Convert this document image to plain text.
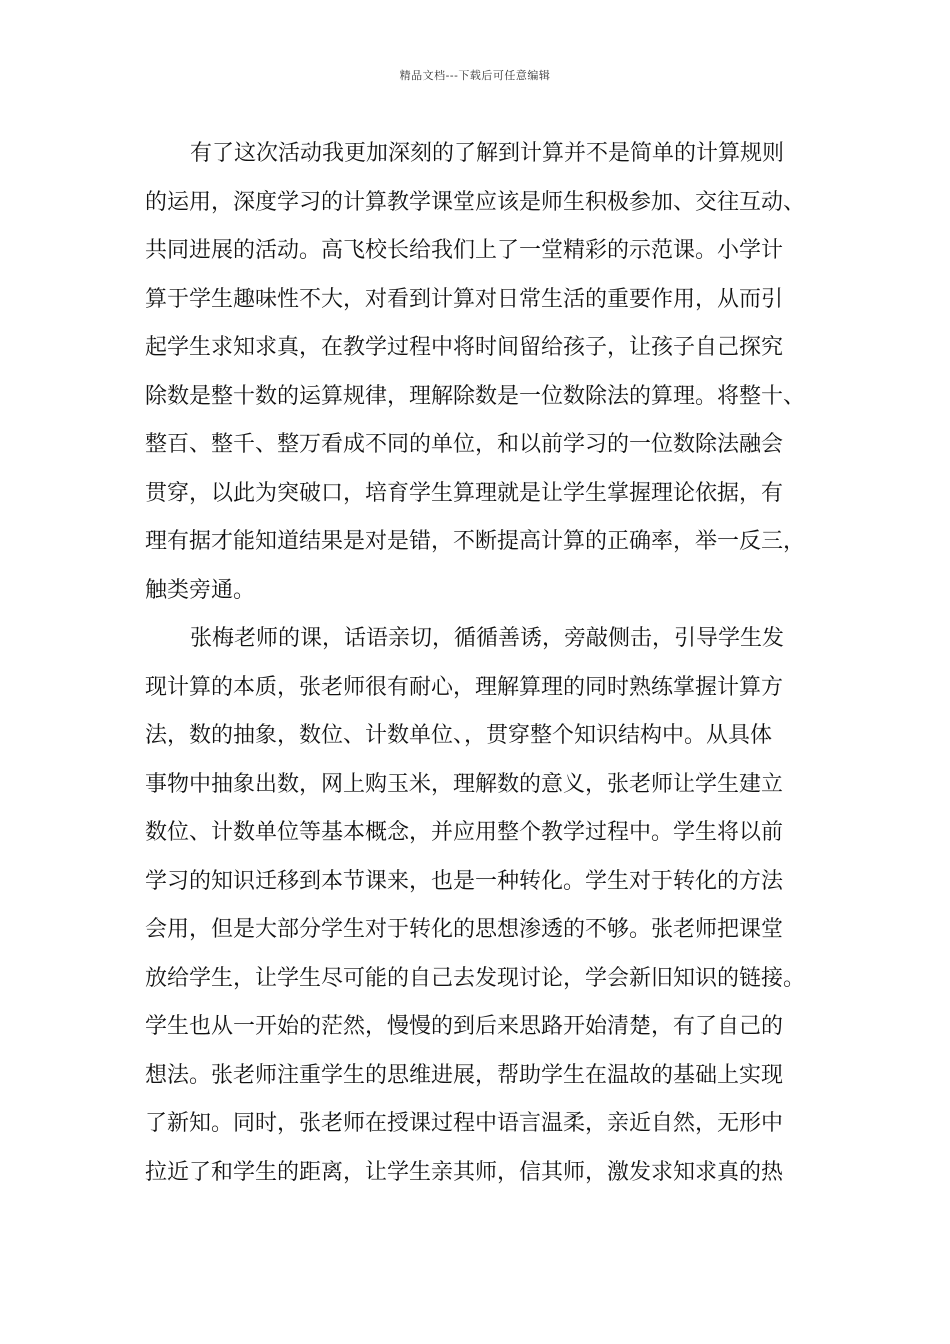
精品文档---下载后可任意编辑
有了这次活动我更加深刻的了解到计算并不是简单的计算规则
的运用，深度学习的计算教学课堂应该是师生积极参加、交往互动、
共同进展的活动。高飞校长给我们上了一堂精彩的示范课。小学计
算于学生趣味性不大，对看到计算对日常生活的重要作用，从而引
起学生求知求真，在教学过程中将时间留给孩子，让孩子自己探究
除数是整十数的运算规律，理解除数是一位数除法的算理。将整十、
整百、整千、整万看成不同的单位，和以前学习的一位数除法融会
贯穿，以此为突破口，培育学生算理就是让学生掌握理论依据，有
理有据才能知道结果是对是错，不断提高计算的正确率，举一反三，
触类旁通。
张梅老师的课，话语亲切，循循善诱，旁敲侧击，引导学生发
现计算的本质，张老师很有耐心，理解算理的同时熟练掌握计算方
法，数的抽象，数位、计数单位、，贯穿整个知识结构中。从具体
事物中抽象出数，网上购玉米，理解数的意义，张老师让学生建立
数位、计数单位等基本概念，并应用整个教学过程中。学生将以前
学习的知识迁移到本节课来，也是一种转化。学生对于转化的方法
会用，但是大部分学生对于转化的思想渗透的不够。张老师把课堂
放给学生，让学生尽可能的自己去发现讨论，学会新旧知识的链接。
学生也从一开始的茫然，慢慢的到后来思路开始清楚，有了自己的
想法。张老师注重学生的思维进展，帮助学生在温故的基础上实现
了新知。同时，张老师在授课过程中语言温柔，亲近自然，无形中
拉近了和学生的距离，让学生亲其师，信其师，激发求知求真的热
